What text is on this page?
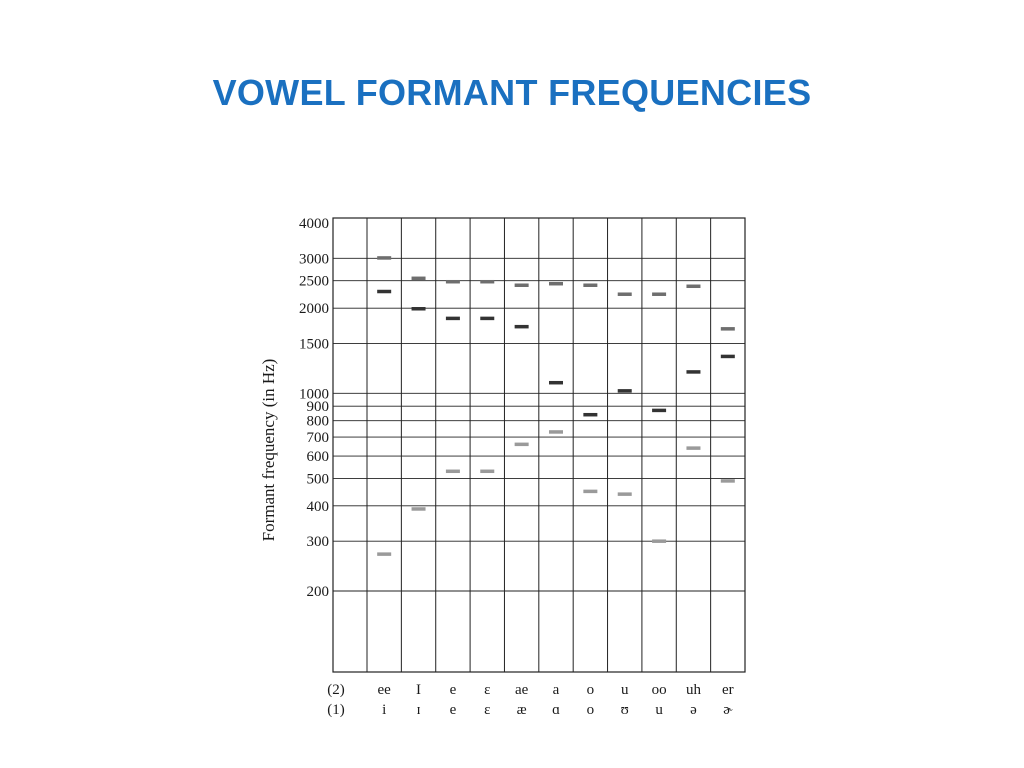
VOWEL FORMANT FREQUENCIES
200
300
400
500
600
700
800
900
1000
1500
2000
2500
3000
4000
ee
i
I
ɪ
e
e
ɛ
ɛ
ae
æ
a
ɑ
o
o
u
ʊ
oo
u
uh
ə
er
ɚ
Formant frequency (in Hz)
(2)
(1)
